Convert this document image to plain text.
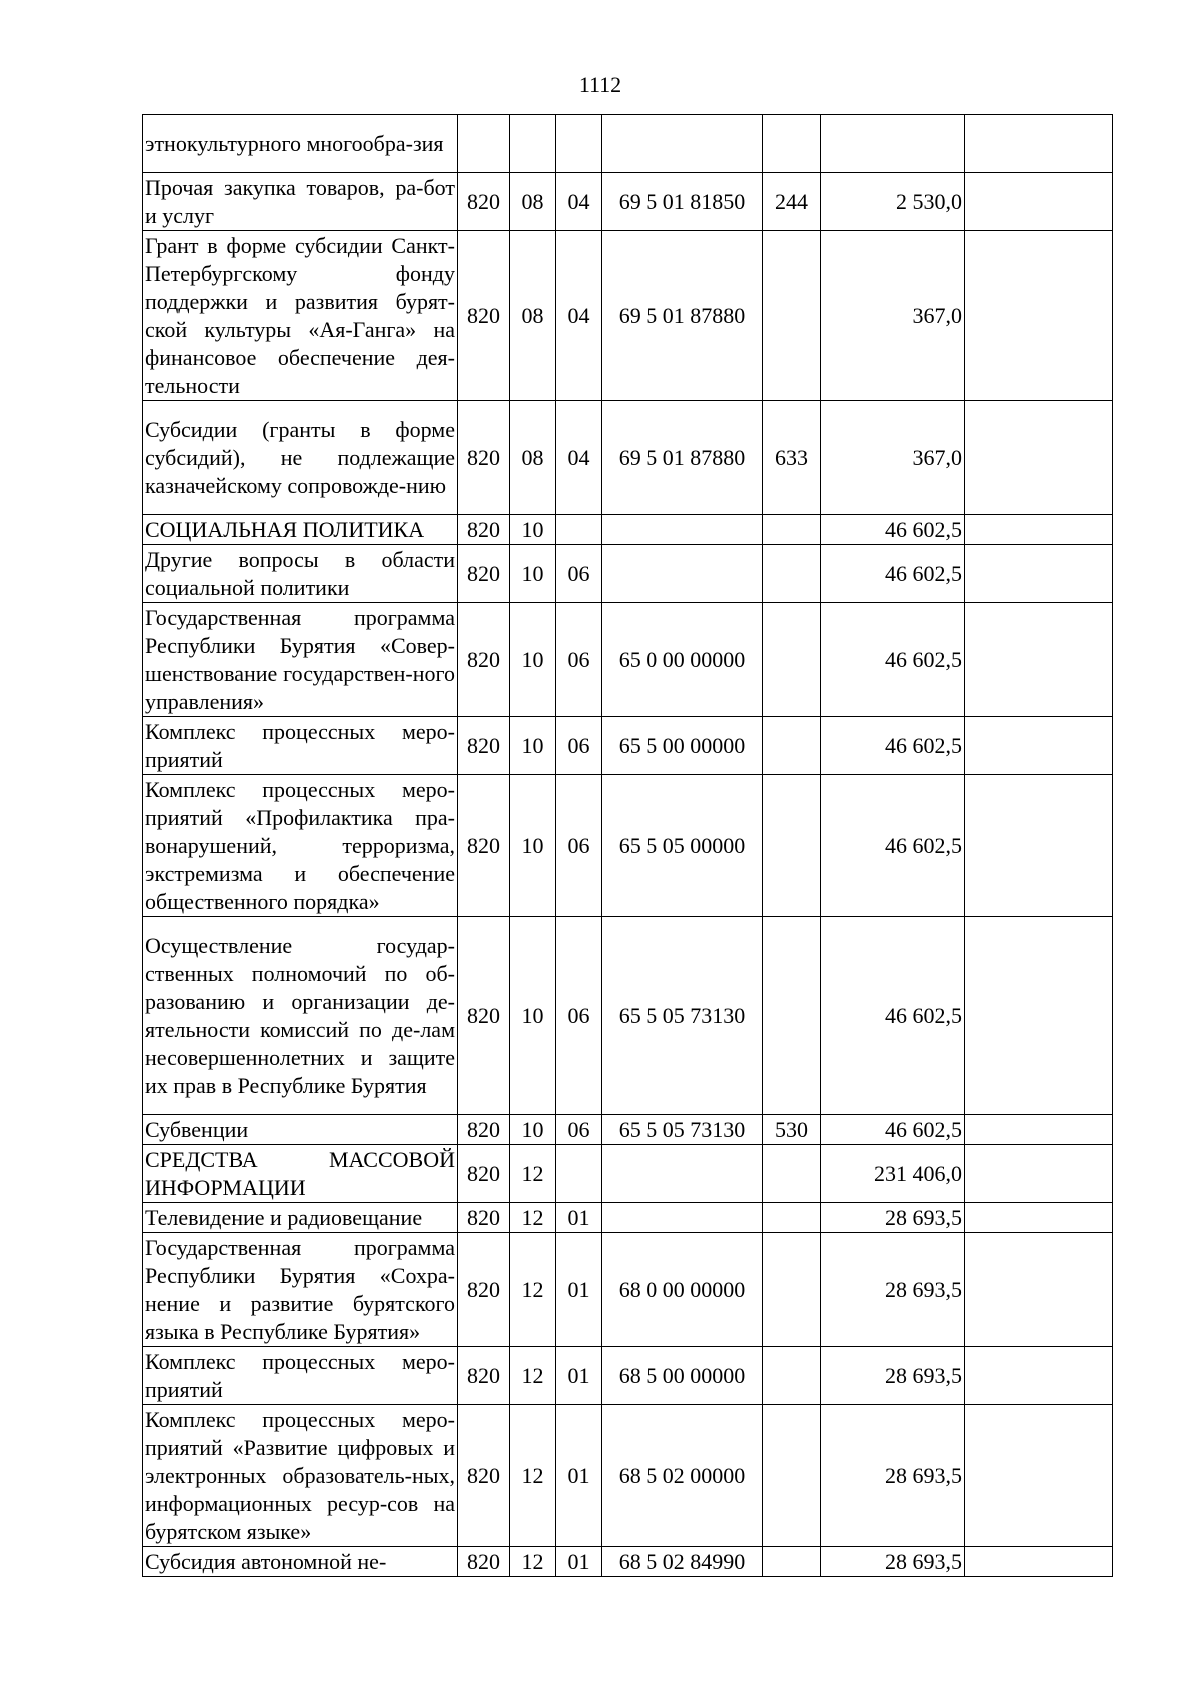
1112
этнокультурного многообра-зия							
Прочая закупка товаров, ра-бот и услуг	820	08	04	69 5 01 81850	244	2 530,0	
Грант в форме субсидии Санкт-Петербургскому фонду поддержки и развития бурят-ской культуры «Ая-Ганга» на финансовое обеспечение дея-тельности	820	08	04	69 5 01 87880		367,0	
Субсидии (гранты в форме субсидий), не подлежащие казначейскому сопровожде-нию	820	08	04	69 5 01 87880	633	367,0	
СОЦИАЛЬНАЯ ПОЛИТИКА	820	10				46 602,5	
Другие вопросы в области социальной политики	820	10	06			46 602,5	
Государственная программа Республики Бурятия «Совер-шенствование государствен-ного управления»	820	10	06	65 0 00 00000		46 602,5	
Комплекс процессных меро-приятий	820	10	06	65 5 00 00000		46 602,5	
Комплекс процессных меро-приятий «Профилактика пра-вонарушений, терроризма, экстремизма и обеспечение общественного порядка»	820	10	06	65 5 05 00000		46 602,5	
Осуществление государ-ственных полномочий по об-разованию и организации де-ятельности комиссий по де-лам несовершеннолетних и защите их прав в Республике Бурятия	820	10	06	65 5 05 73130		46 602,5	
Субвенции	820	10	06	65 5 05 73130	530	46 602,5	
СРЕДСТВА МАССОВОЙ ИНФОРМАЦИИ	820	12				231 406,0	
Телевидение и радиовещание	820	12	01			28 693,5	
Государственная программа Республики Бурятия «Сохра-нение и развитие бурятского языка в Республике Бурятия»	820	12	01	68 0 00 00000		28 693,5	
Комплекс процессных меро-приятий	820	12	01	68 5 00 00000		28 693,5	
Комплекс процессных меро-приятий «Развитие цифровых и электронных образователь-ных, информационных ресур-сов на бурятском языке»	820	12	01	68 5 02 00000		28 693,5	
Субсидия автономной не-	820	12	01	68 5 02 84990		28 693,5	
